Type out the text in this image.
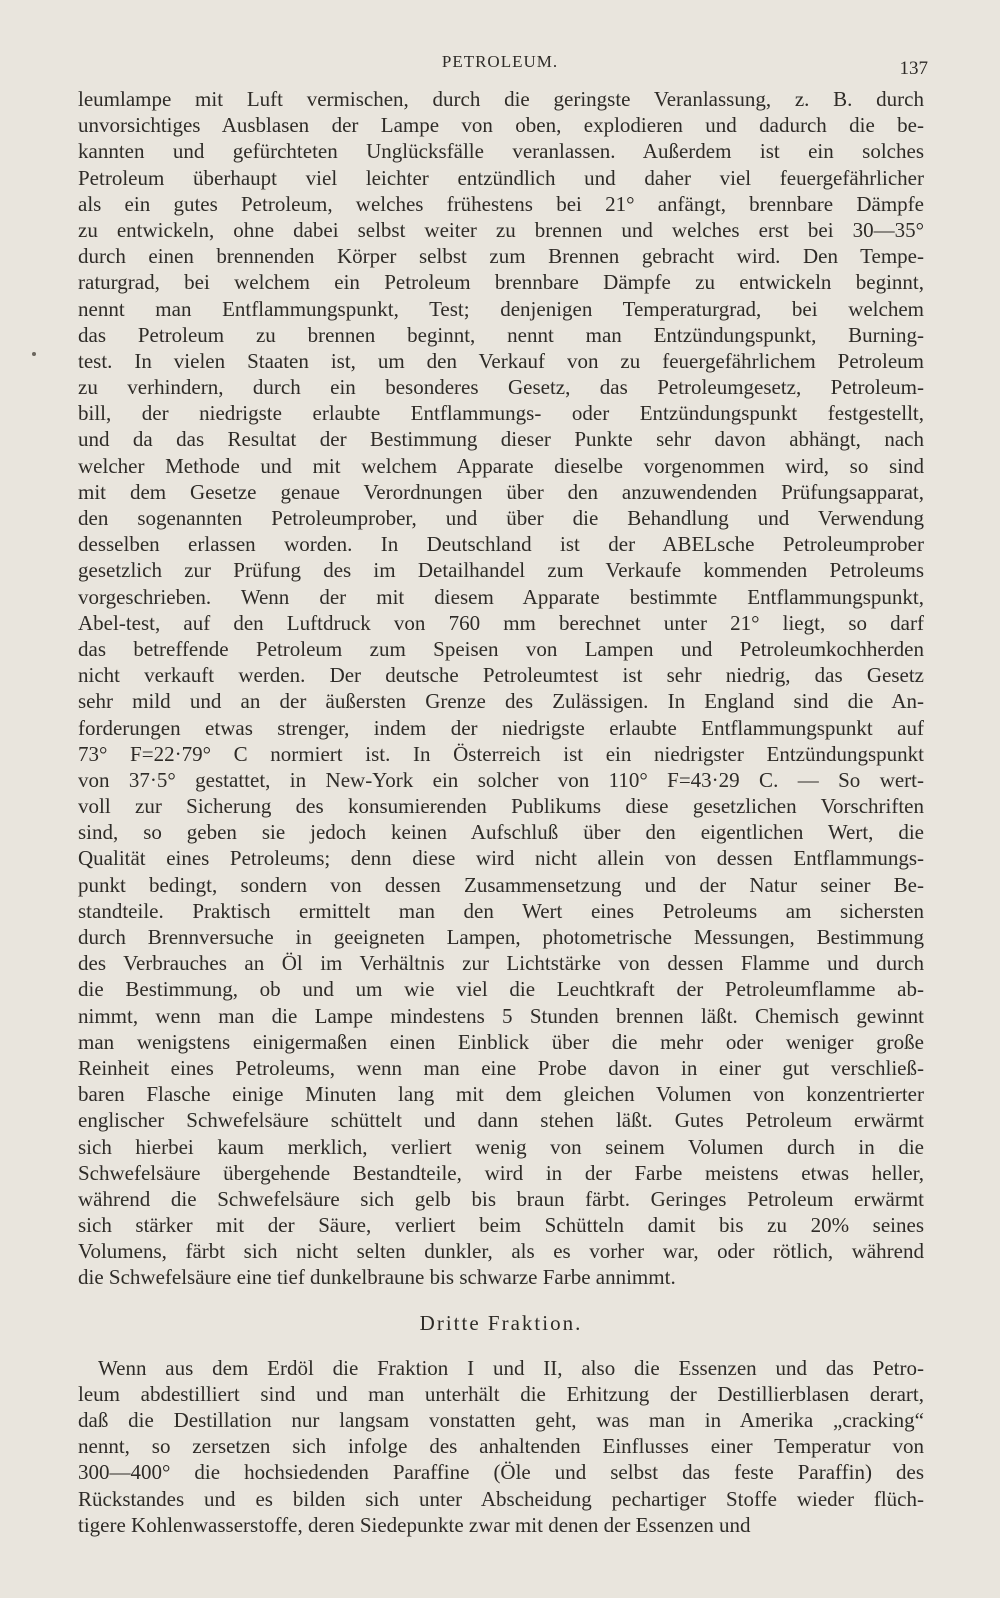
PETROLEUM.	137
leumlampe mit Luft vermischen, durch die geringste Veranlassung, z. B. durch
unvorsichtiges Ausblasen der Lampe von oben, explodieren und dadurch die be-
kannten und gefürchteten Unglücksfälle veranlassen. Außerdem ist ein solches
Petroleum überhaupt viel leichter entzündlich und daher viel feuergefährlicher
als ein gutes Petroleum, welches frühestens bei 21° anfängt, brennbare Dämpfe
zu entwickeln, ohne dabei selbst weiter zu brennen und welches erst bei 30—35°
durch einen brennenden Körper selbst zum Brennen gebracht wird. Den Tempe-
raturgrad, bei welchem ein Petroleum brennbare Dämpfe zu entwickeln beginnt,
nennt man Entflammungspunkt, Test; denjenigen Temperaturgrad, bei welchem
das Petroleum zu brennen beginnt, nennt man Entzündungspunkt, Burning-
test. In vielen Staaten ist, um den Verkauf von zu feuergefährlichem Petroleum
zu verhindern, durch ein besonderes Gesetz, das Petroleumgesetz, Petroleum-
bill, der niedrigste erlaubte Entflammungs- oder Entzündungspunkt festgestellt,
und da das Resultat der Bestimmung dieser Punkte sehr davon abhängt, nach
welcher Methode und mit welchem Apparate dieselbe vorgenommen wird, so sind
mit dem Gesetze genaue Verordnungen über den anzuwendenden Prüfungsapparat,
den sogenannten Petroleumprober, und über die Behandlung und Verwendung
desselben erlassen worden. In Deutschland ist der ABELsche Petroleumprober
gesetzlich zur Prüfung des im Detailhandel zum Verkaufe kommenden Petroleums
vorgeschrieben. Wenn der mit diesem Apparate bestimmte Entflammungspunkt,
Abel-test, auf den Luftdruck von 760 mm berechnet unter 21° liegt, so darf
das betreffende Petroleum zum Speisen von Lampen und Petroleumkochherden
nicht verkauft werden. Der deutsche Petroleumtest ist sehr niedrig, das Gesetz
sehr mild und an der äußersten Grenze des Zulässigen. In England sind die An-
forderungen etwas strenger, indem der niedrigste erlaubte Entflammungspunkt auf
73° F=22·79° C normiert ist. In Österreich ist ein niedrigster Entzündungspunkt
von 37·5° gestattet, in New-York ein solcher von 110° F=43·29 C. — So wert-
voll zur Sicherung des konsumierenden Publikums diese gesetzlichen Vorschriften
sind, so geben sie jedoch keinen Aufschluß über den eigentlichen Wert, die
Qualität eines Petroleums; denn diese wird nicht allein von dessen Entflammungs-
punkt bedingt, sondern von dessen Zusammensetzung und der Natur seiner Be-
standteile. Praktisch ermittelt man den Wert eines Petroleums am sichersten
durch Brennversuche in geeigneten Lampen, photometrische Messungen, Bestimmung
des Verbrauches an Öl im Verhältnis zur Lichtstärke von dessen Flamme und durch
die Bestimmung, ob und um wie viel die Leuchtkraft der Petroleumflamme ab-
nimmt, wenn man die Lampe mindestens 5 Stunden brennen läßt. Chemisch gewinnt
man wenigstens einigermaßen einen Einblick über die mehr oder weniger große
Reinheit eines Petroleums, wenn man eine Probe davon in einer gut verschließ-
baren Flasche einige Minuten lang mit dem gleichen Volumen von konzentrierter
englischer Schwefelsäure schüttelt und dann stehen läßt. Gutes Petroleum erwärmt
sich hierbei kaum merklich, verliert wenig von seinem Volumen durch in die
Schwefelsäure übergehende Bestandteile, wird in der Farbe meistens etwas heller,
während die Schwefelsäure sich gelb bis braun färbt. Geringes Petroleum erwärmt
sich stärker mit der Säure, verliert beim Schütteln damit bis zu 20% seines
Volumens, färbt sich nicht selten dunkler, als es vorher war, oder rötlich, während
die Schwefelsäure eine tief dunkelbraune bis schwarze Farbe annimmt.
Dritte Fraktion.
Wenn aus dem Erdöl die Fraktion I und II, also die Essenzen und das Petro-
leum abdestilliert sind und man unterhält die Erhitzung der Destillierblasen derart,
daß die Destillation nur langsam vonstatten geht, was man in Amerika „cracking“
nennt, so zersetzen sich infolge des anhaltenden Einflusses einer Temperatur von
300—400° die hochsiedenden Paraffine (Öle und selbst das feste Paraffin) des
Rückstandes und es bilden sich unter Abscheidung pechartiger Stoffe wieder flüch-
tigere Kohlenwasserstoffe, deren Siedepunkte zwar mit denen der Essenzen und
